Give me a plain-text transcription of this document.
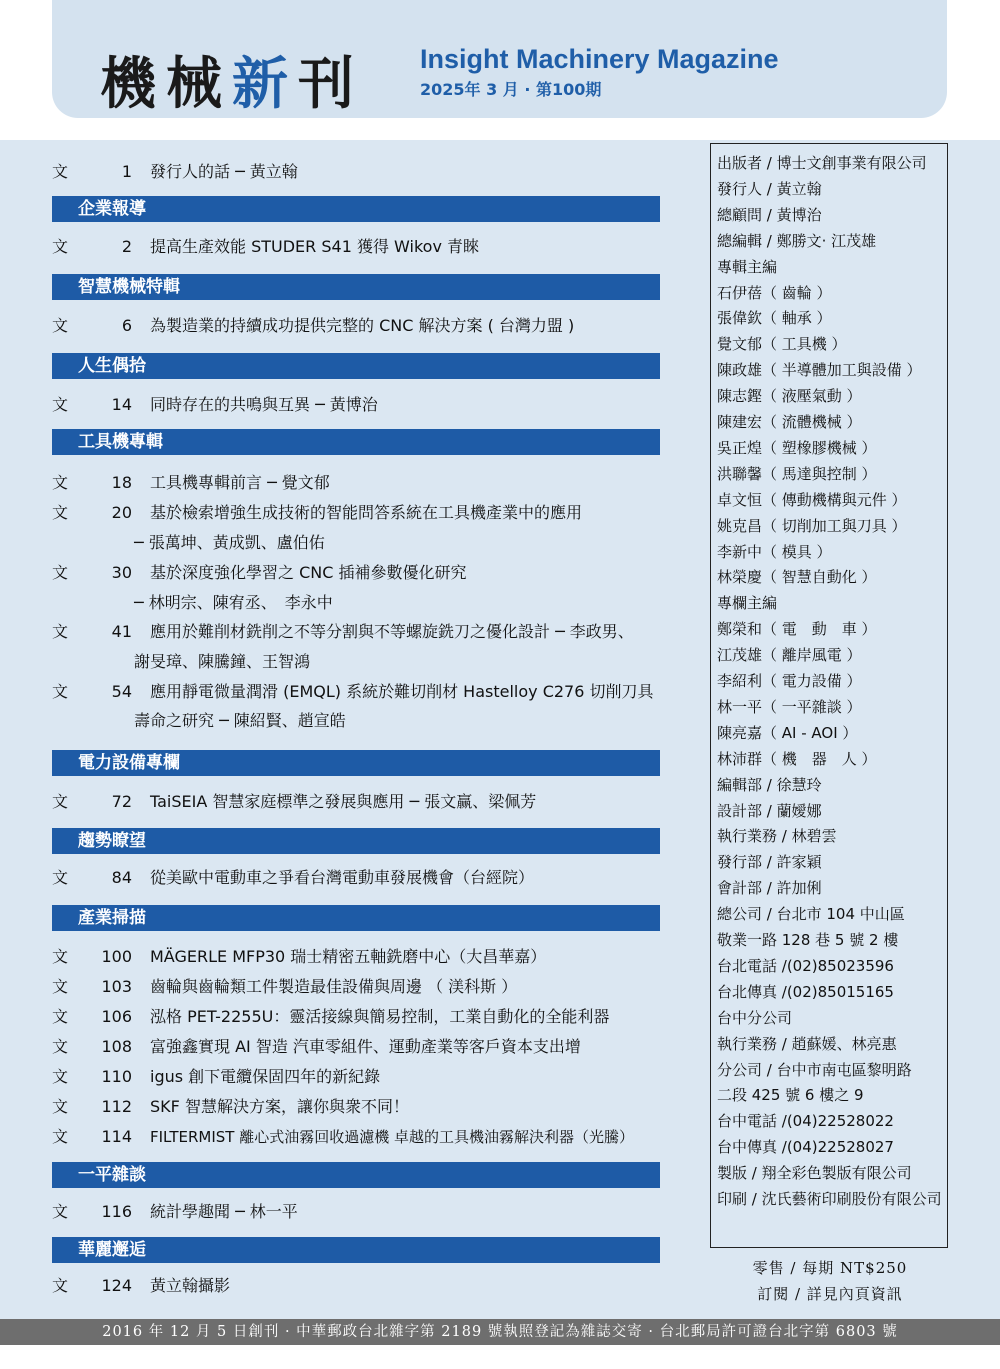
機械新刊 Insight Machinery Magazine
2025年 3 月 · 第100期
文	1 發行人的話 ─ 黃立翰
企業報導
文	2 提高生產效能 STUDER S41 獲得 Wikov 青睞
智慧機械特輯
文	6 為製造業的持續成功提供完整的 CNC 解決方案 ( 台灣力盟 )
人生偶拾
文	14 同時存在的共鳴與互異 ─ 黃博治
工具機專輯
文	18 工具機專輯前言 ─ 覺文郁
文	20 基於檢索增強生成技術的智能問答系統在工具機產業中的應用
─ 張萬坤、黃成凱、盧伯佑
文	30 基於深度強化學習之 CNC 插補參數優化研究
─ 林明宗、陳宥丞、　李永中
文	41 應用於難削材銑削之不等分割與不等螺旋銑刀之優化設計 ─ 李政男、
謝旻璋、陳騰鐘、王智鴻
文	54 應用靜電微量潤滑 (EMQL) 系統於難切削材 Hastelloy C276 切削刀具
壽命之研究 ─ 陳紹賢、趙宣皓
電力設備專欄
文	72 TaiSEIA 智慧家庭標準之發展與應用 ─ 張文赢、梁佩芳
趨勢瞭望
文	84 從美歐中電動車之爭看台灣電動車發展機會（台經院）
產業掃描
文 100 MÄGERLE MFP30 瑞士精密五軸銑磨中心（大昌華嘉）
文 103 齒輪與齒輪類工件製造最佳設備與周邊 （ 渼科斯 ）
文 106 泓格 PET-2255U：靈活接線與簡易控制，工業自動化的全能利器
文 108 富強鑫實現 AI 智造 汽車零組件、運動產業等客戶資本支出增
文 110 igus 創下電纜保固四年的新紀錄
文 112 SKF 智慧解決方案，讓你與衆不同！
文 114 FILTERMIST 離心式油霧回收過濾機 卓越的工具機油霧解決利器（光騰）
一平雜談
文 116 統計學趣聞 ─ 林一平
華麗邂逅
文 124 黃立翰攝影
出版者 / 博士文創事業有限公司
發行人 / 黃立翰
總顧問 / 黃博治
總編輯 / 鄭勝文· 江茂雄
專輯主編
石伊蓓（ 齒輪 ）
張偉欽（ 軸承 ）
覺文郁（ 工具機 ）
陳政雄（ 半導體加工與設備 ）
陳志鏗（ 液壓氣動 ）
陳建宏（ 流體機械 ）
吳正煌（ 塑橡膠機械 ）
洪聯馨（ 馬達與控制 ）
卓文恒（ 傳動機構與元件 ）
姚克昌（ 切削加工與刀具 ）
李新中（ 模具 ）
林榮慶（ 智慧自動化 ）
專欄主編
鄭榮和（ 電　動　車 ）
江茂雄（ 離岸風電 ）
李紹利（ 電力設備 ）
林一平（ 一平雜談 ）
陳亮嘉（ AI - AOI ）
林沛群（ 機　器　人 ）
編輯部 / 徐慧玲
設計部 / 蘭嬡娜
執行業務 / 林碧雲
發行部 / 許家穎
會計部 / 許加俐
總公司 / 台北市 104 中山區
敬業一路 128 巷 5 號 2 樓
台北電話 /(02)85023596
台北傳真 /(02)85015165
台中分公司
執行業務 / 趙蘇媛、林亮惠
分公司 / 台中市南屯區黎明路
二段 425 號 6 樓之 9
台中電話 /(04)22528022
台中傳真 /(04)22528027
製版 / 翔全彩色製版有限公司
印刷 / 沈氏藝術印刷股份有限公司
零售 / 每期 NT$250
訂閱 / 詳見內頁資訊
2016 年 12 月 5 日創刊 · 中華郵政台北雜字第 2189 號執照登記為雜誌交寄 · 台北郵局許可證台北字第 6803 號
